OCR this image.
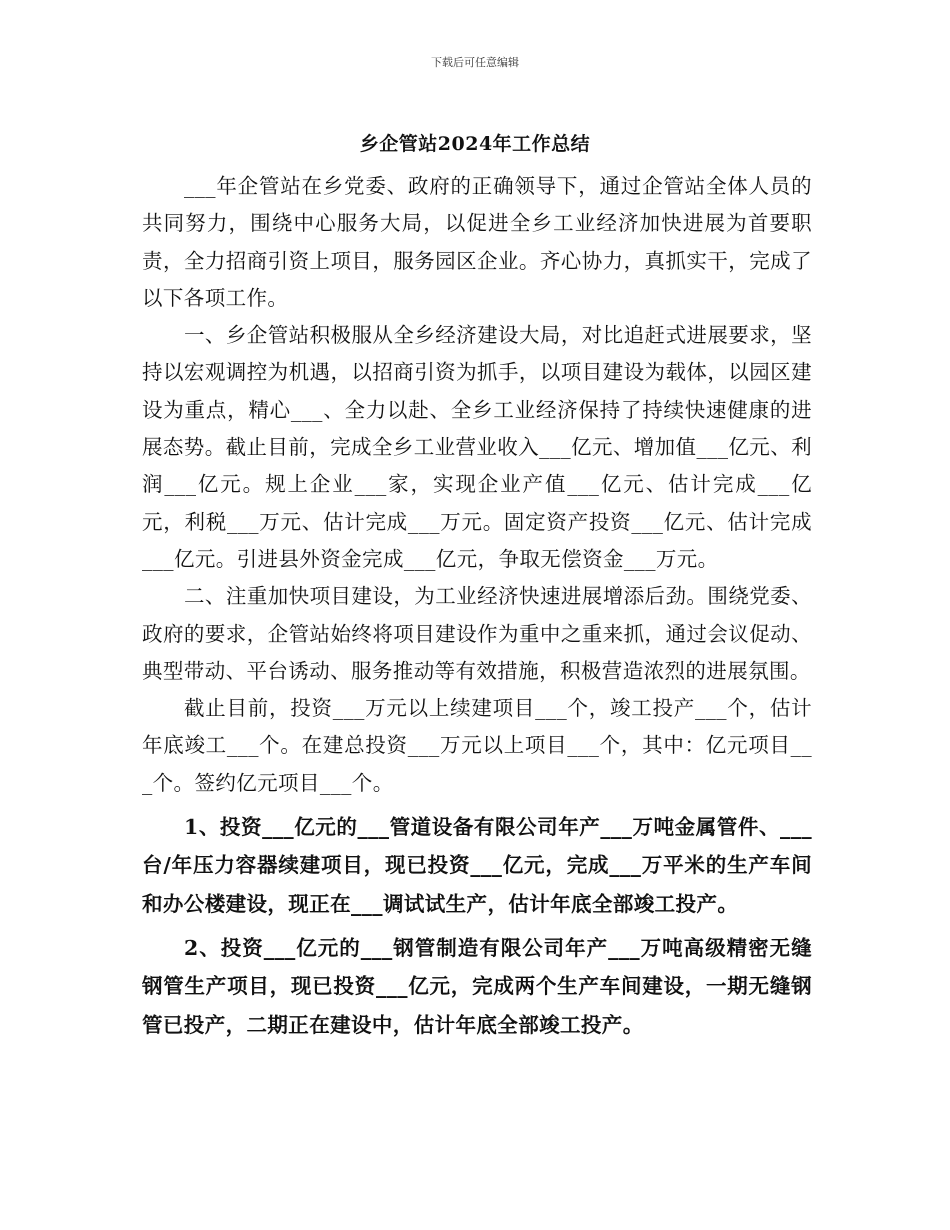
下载后可任意编辑
乡企管站2024年工作总结

___年企管站在乡党委、政府的正确领导下，通过企管站全体人员的共同努力，围绕中心服务大局，以促进全乡工业经济加快进展为首要职责，全力招商引资上项目，服务园区企业。齐心协力，真抓实干，完成了以下各项工作。

一、乡企管站积极服从全乡经济建设大局，对比追赶式进展要求，坚持以宏观调控为机遇，以招商引资为抓手，以项目建设为载体，以园区建设为重点，精心___、全力以赴、全乡工业经济保持了持续快速健康的进展态势。截止目前，完成全乡工业营业收入___亿元、增加值___亿元、利润___亿元。规上企业___家，实现企业产值___亿元、估计完成___亿元，利税___万元、估计完成___万元。固定资产投资___亿元、估计完成___亿元。引进县外资金完成___亿元，争取无偿资金___万元。

二、注重加快项目建设，为工业经济快速进展增添后劲。围绕党委、政府的要求，企管站始终将项目建设作为重中之重来抓，通过会议促动、典型带动、平台诱动、服务推动等有效措施，积极营造浓烈的进展氛围。

截止目前，投资___万元以上续建项目___个，竣工投产___个，估计年底竣工___个。在建总投资___万元以上项目___个，其中：亿元项目___个。签约亿元项目___个。

1、投资___亿元的___管道设备有限公司年产___万吨金属管件、___台/年压力容器续建项目，现已投资___亿元，完成___万平米的生产车间和办公楼建设，现正在___调试试生产，估计年底全部竣工投产。

2、投资___亿元的___钢管制造有限公司年产___万吨高级精密无缝钢管生产项目，现已投资___亿元，完成两个生产车间建设，一期无缝钢管已投产，二期正在建设中，估计年底全部竣工投产。
